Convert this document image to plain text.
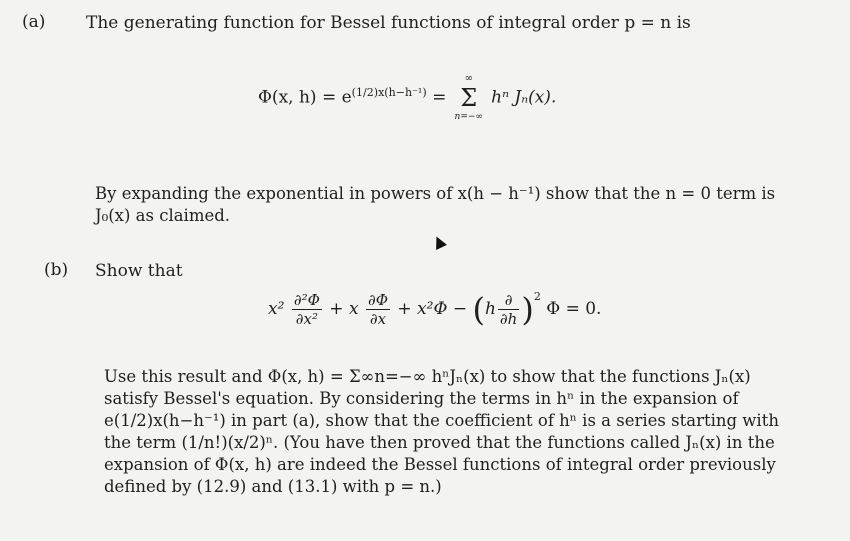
(a) The generating function for Bessel functions of integral order p = n is
Φ(x, $h) = e^{(1/2)x(h-h^{-1})}$ =
∞
Σ
n=−∞
hⁿ Jₙ(x).
By expanding the exponential in powers of x(h − h⁻¹) show that the n = 0 term is J₀(x) as claimed.
(b) Show that
$x^2 \frac{\text{∂²Φ}}{\text{∂x²}} + x \frac{\partial\Phi}{\partial x} + x^2\Phi - (h \frac{\partial}{\partial h} )^2$ Φ = 0.
Use this result and Φ(x, h) = Σ∞n=−∞ hⁿJₙ(x) to show that the functions Jₙ(x) satisfy Bessel's equation. By considering the terms in hⁿ in the expansion of e(1/2)x(h−h⁻¹) in part (a), show that the coefficient of hⁿ is a series starting with the term (1/n!)(x/2)ⁿ. (You have then proved that the functions called Jₙ(x) in the expansion of Φ(x, h) are indeed the Bessel functions of integral order previously defined by (12.9) and (13.1) with p = n.)
